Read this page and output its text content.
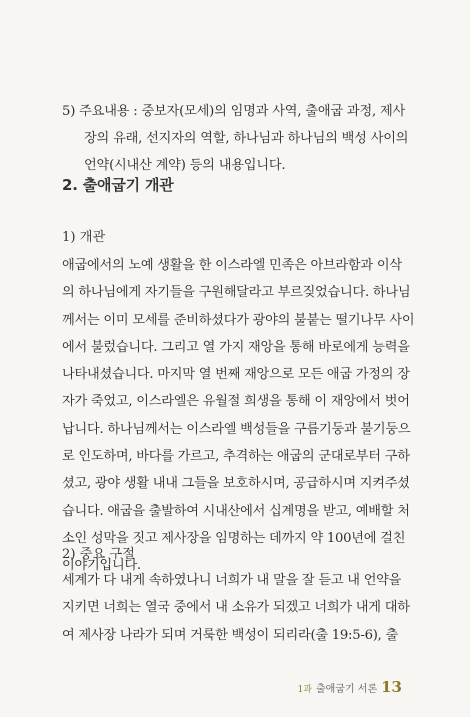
5) 주요내용 : 중보자(모세)의 임명과 사역, 출애굽 과정, 제사
장의 유래, 선지자의 역할, 하나님과 하나님의 백성 사이의
언약(시내산 계약) 등의 내용입니다.
2. 출애굽기 개관
1) 개관
애굽에서의 노예 생활을 한 이스라엘 민족은 아브라함과 이삭
의 하나님에게 자기들을 구원해달라고 부르짖었습니다. 하나님
께서는 이미 모세를 준비하셨다가 광야의 불붙는 떨기나무 사이
에서 불렀습니다. 그리고 열 가지 재앙을 통해 바로에게 능력을
나타내셨습니다. 마지막 열 번째 재앙으로 모든 애굽 가정의 장
자가 죽었고, 이스라엘은 유월절 희생을 통해 이 재앙에서 벗어
납니다. 하나님께서는 이스라엘 백성들을 구름기둥과 불기둥으
로 인도하며, 바다를 가르고, 추격하는 애굽의 군대로부터 구하
셨고, 광야 생활 내내 그들을 보호하시며, 공급하시며 지켜주셨
습니다. 애굽을 출발하여 시내산에서 십계명을 받고, 예배할 처
소인 성막을 짓고 제사장을 임명하는 데까지 약 100년에 걸친
이야기입니다.
2) 중요 구절
세계가 다 내게 속하였나니 너희가 내 말을 잘 듣고 내 언약을
지키면 너희는 열국 중에서 내 소유가 되겠고 너희가 내게 대하
여 제사장 나라가 되며 거룩한 백성이 되리라(출 19:5-6), 출
1과 출애굽기 서론 13
